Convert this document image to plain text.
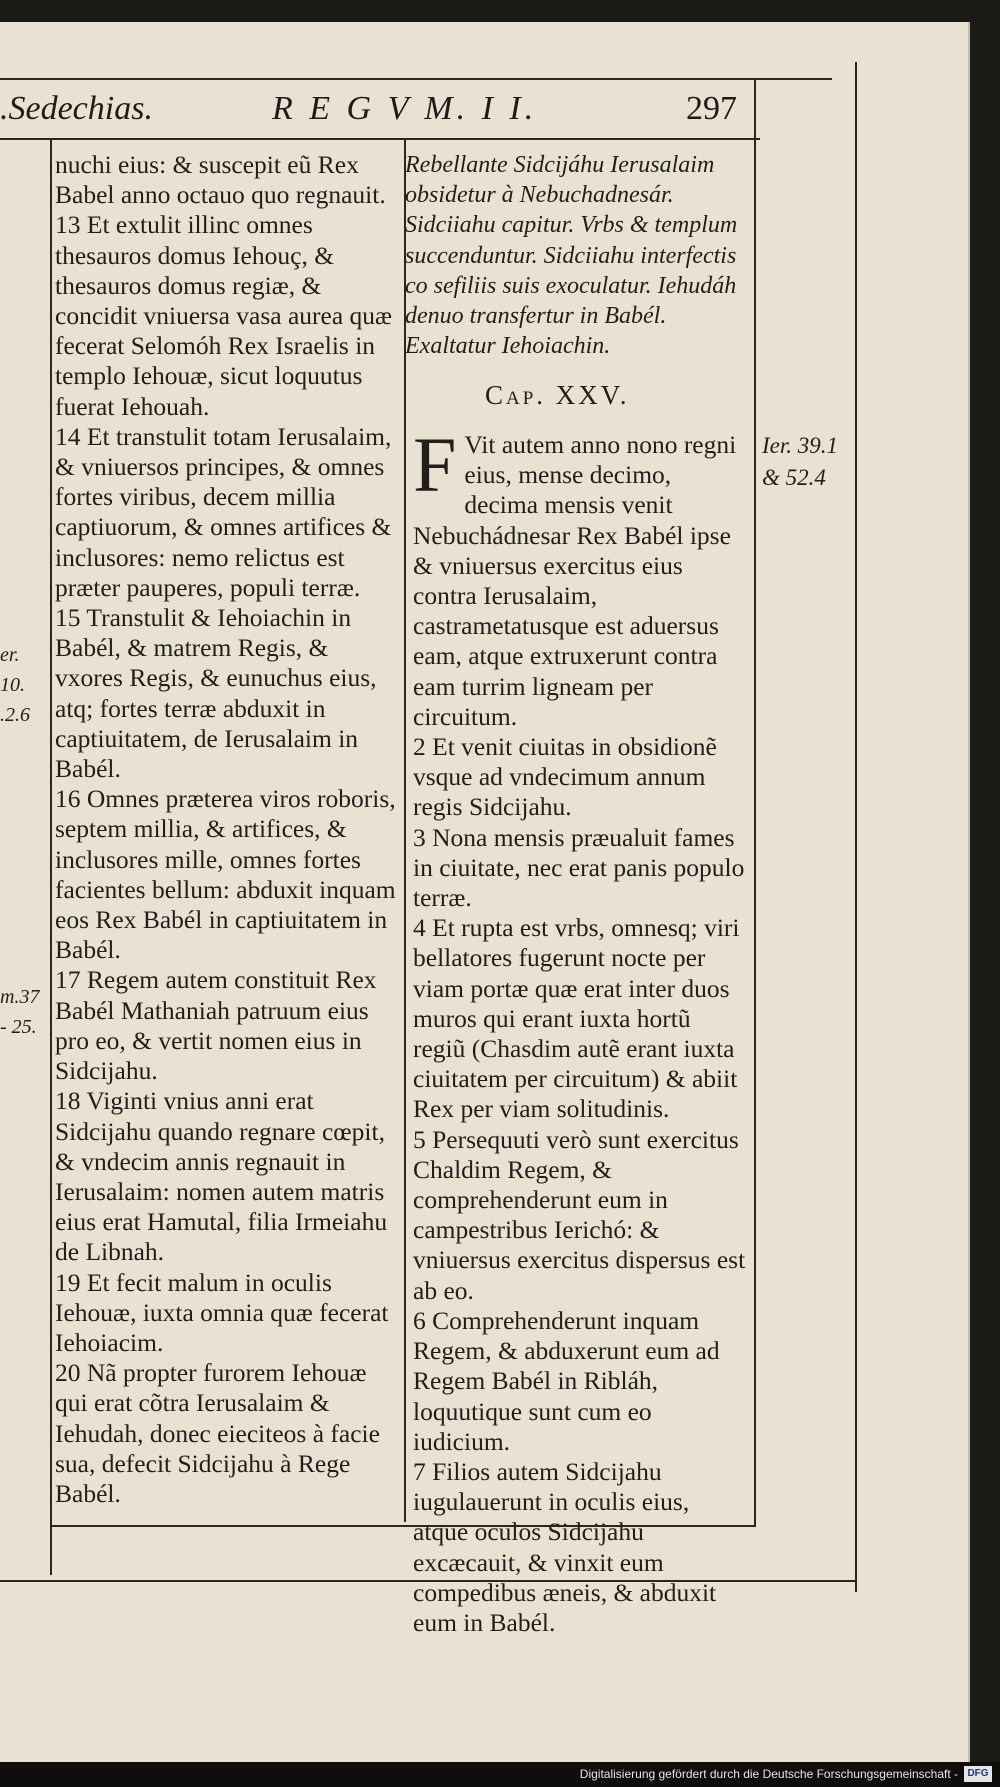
.Sedechias.	R E G V M. I I.	297

nuchi eius: & suscepit eũ Rex Babel anno octauo quo regnauit.

13 Et extulit illinc omnes thesauros domus Iehouç, & thesauros domus regiæ, & concidit vniuersa vasa aurea quæ fecerat Selomóh Rex Israelis in templo Iehouæ, sicut loquutus fuerat Iehouah.

14 Et transtulit totam Ierusalaim, & vniuersos principes, & omnes fortes viribus, decem millia captiuorum, & omnes artifices & inclusores: nemo relictus est præter pauperes, populi terræ.

15 Transtulit & Iehoiachin in Babél, & matrem Regis, & vxores Regis, & eunuchus eius, atq; fortes terræ abduxit in captiuitatem, de Ierusalaim in Babél.

16 Omnes præterea viros roboris, septem millia, & artifices, & inclusores mille, omnes fortes facientes bellum: abduxit inquam eos Rex Babél in captiuitatem in Babél.

17 Regem autem constituit Rex Babél Mathaniah patruum eius pro eo, & vertit nomen eius in Sidcijahu.

18 Viginti vnius anni erat Sidcijahu quando regnare cœpit, & vndecim annis regnauit in Ierusalaim: nomen autem matris eius erat Hamutal, filia Irmeiahu de Libnah.

19 Et fecit malum in oculis Iehouæ, iuxta omnia quæ fecerat Iehoiacim.

20 Nã propter furorem Iehouæ qui erat cõtra Ierusalaim & Iehudah, donec eieciteos à facie sua, defecit Sidcijahu à Rege Babél.

Rebellante Sidcijáhu Ierusalaim obsidetur à Nebuchadnesár. Sidciiahu capitur. Vrbs & templum succenduntur. Sidciiahu interfectis co sefiliis suis exoculatur. Iehudáh denuo transfertur in Babél. Exaltatur Iehoiachin.
Cap. XXV.

F Vit autem anno nono regni eius, mense decimo, decima mensis venit Nebuchádnesar Rex Babél ipse & vniuersus exercitus eius contra Ierusalaim, castrametatusque est aduersus eam, atque extruxerunt contra eam turrim ligneam per circuitum.

2 Et venit ciuitas in obsidionẽ vsque ad vndecimum annum regis Sidcijahu.

3 Nona mensis præualuit fames in ciuitate, nec erat panis populo terræ.

4 Et rupta est vrbs, omnesq; viri bellatores fugerunt nocte per viam portæ quæ erat inter duos muros qui erant iuxta hortũ regiũ (Chasdim autẽ erant iuxta ciuitatem per circuitum) & abiit Rex per viam solitudinis.

5 Persequuti verò sunt exercitus Chaldim Regem, & comprehenderunt eum in campestribus Ierichó: & vniuersus exercitus dispersus est ab eo.

6 Comprehenderunt inquam Regem, & abduxerunt eum ad Regem Babél in Ribláh, loquutique sunt cum eo iudicium.

7 Filios autem Sidcijahu iugulauerunt in oculis eius, atque oculos Sidcijahu excæcauit, & vinxit eum compedibus æneis, & abduxit eum in Babél.

Ier. 39.1
& 52.4
er.
10.
.2.6
m.37
- 25.
Digitalisierung gefördert durch die Deutsche Forschungsgemeinschaft - DFG
